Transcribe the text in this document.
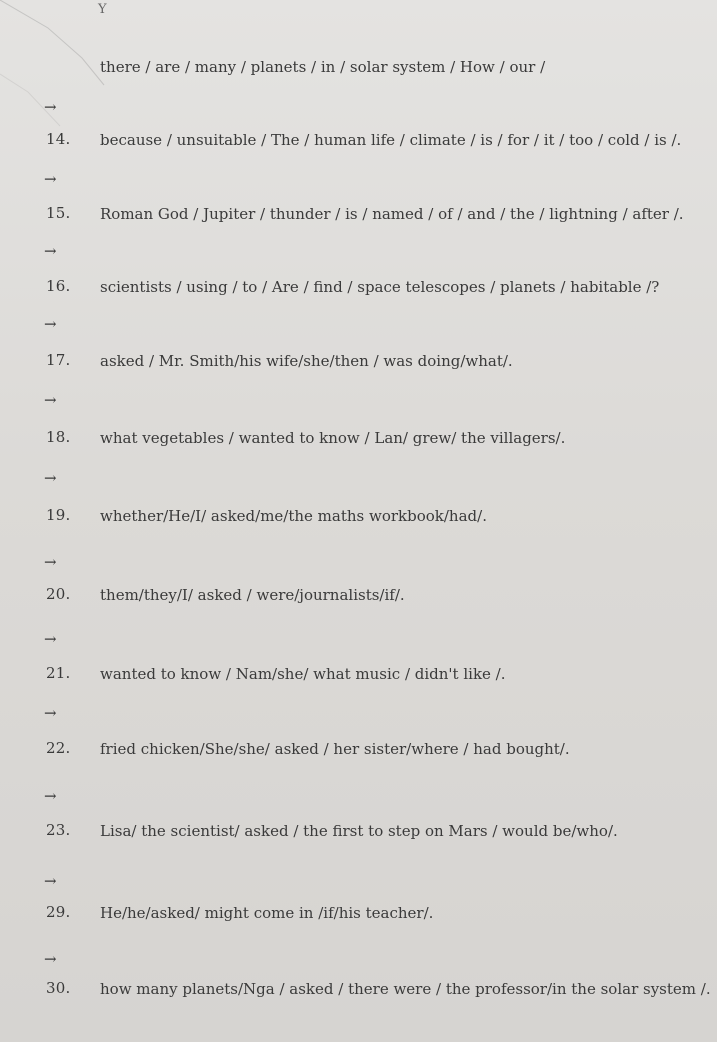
Y
there / are / many / planets / in / solar system / How / our /
→
14. because / unsuitable / The / human life / climate / is / for / it / too / cold / is /.
→
15. Roman God / Jupiter / thunder / is / named / of / and / the / lightning / after /.
→
16. scientists / using / to / Are / find / space telescopes / planets / habitable /?
→
17. asked / Mr. Smith/his wife/she/then / was doing/what/.
→
18. what vegetables / wanted to know / Lan/ grew/ the villagers/.
→
19. whether/He/I/ asked/me/the maths workbook/had/.
→
20. them/they/I/ asked / were/journalists/if/.
→
21. wanted to know / Nam/she/ what music / didn't like /.
→
22. fried chicken/She/she/ asked / her sister/where / had bought/.
→
23. Lisa/ the scientist/ asked / the first to step on Mars / would be/who/.
→
29. He/he/asked/ might come in /if/his teacher/.
→
30. how many planets/Nga / asked / there were / the professor/in the solar system /.
